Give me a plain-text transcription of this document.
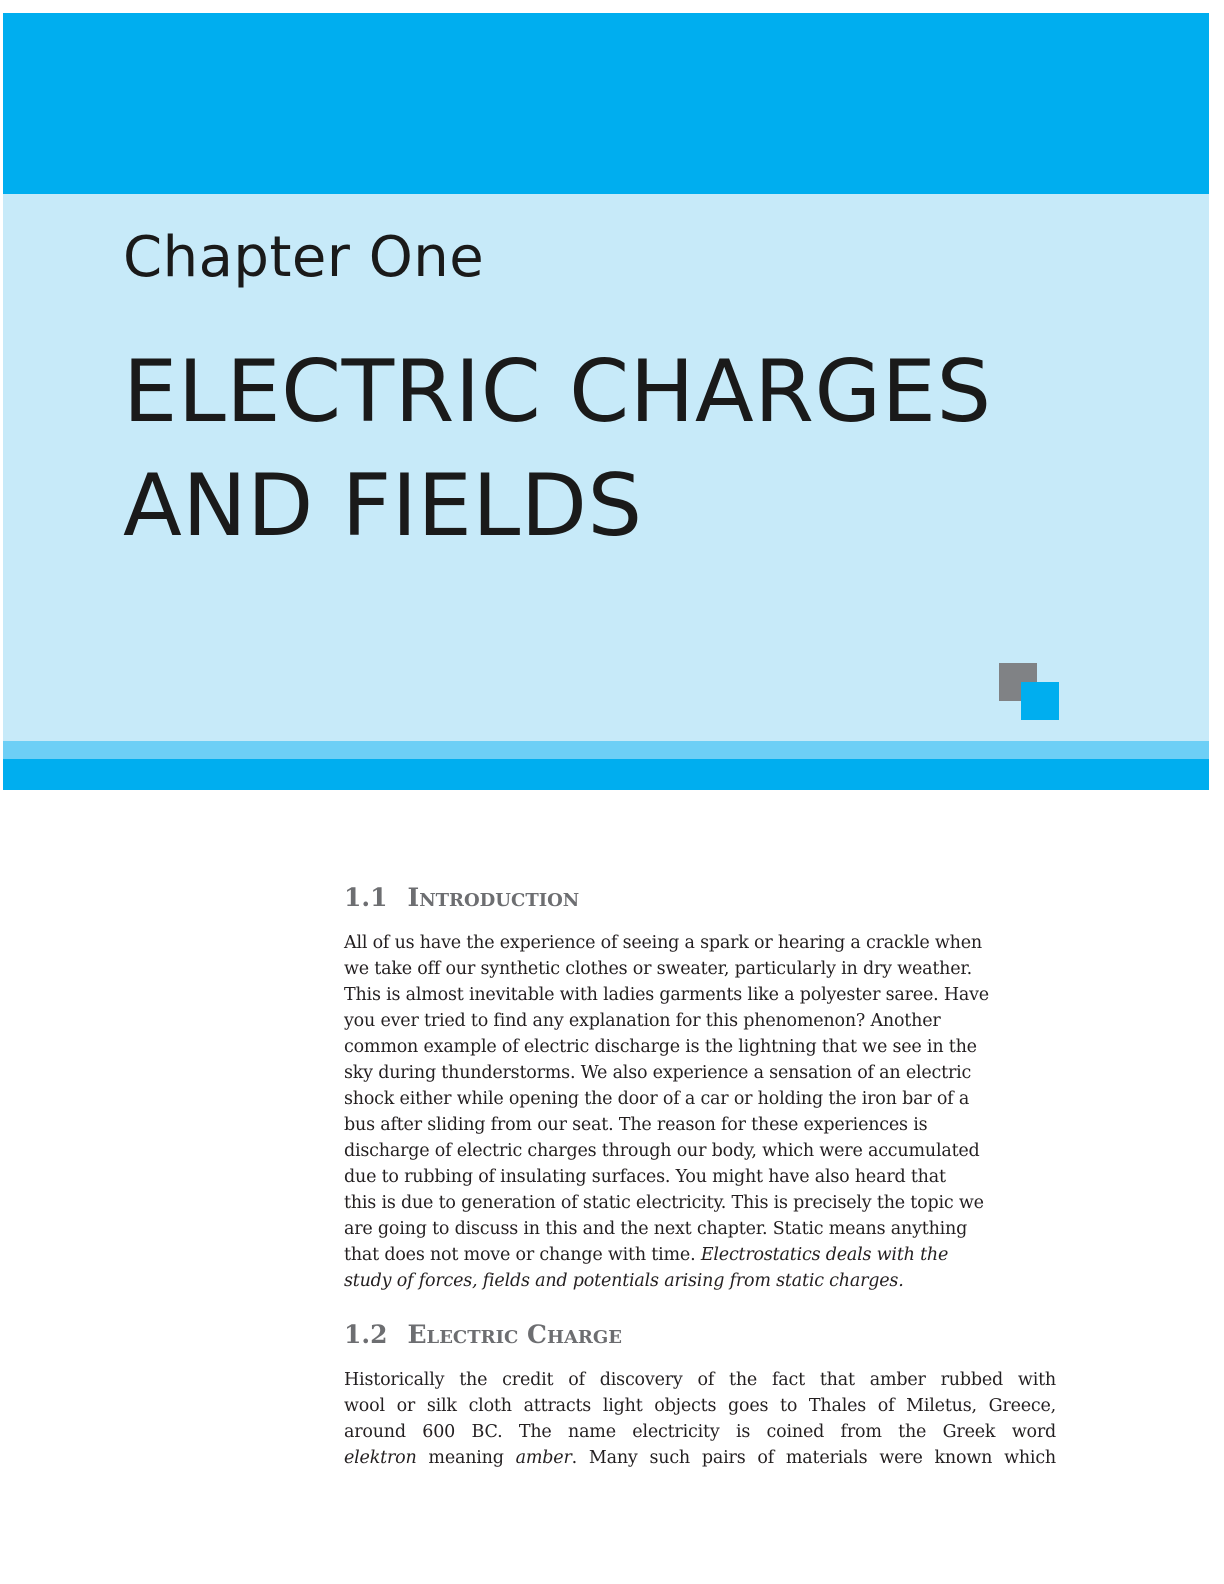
Chapter One
ELECTRIC CHARGES
AND FIELDS
1.1 Introduction

All of us have the experience of seeing a spark or hearing a crackle when
we take off our synthetic clothes or sweater, particularly in dry weather.
This is almost inevitable with ladies garments like a polyester saree. Have
you ever tried to find any explanation for this phenomenon? Another
common example of electric discharge is the lightning that we see in the
sky during thunderstorms. We also experience a sensation of an electric
shock either while opening the door of a car or holding the iron bar of a
bus after sliding from our seat. The reason for these experiences is
discharge of electric charges through our body, which were accumulated
due to rubbing of insulating surfaces. You might have also heard that
this is due to generation of static electricity. This is precisely the topic we
are going to discuss in this and the next chapter. Static means anything
that does not move or change with time. Electrostatics deals with the
study of forces, fields and potentials arising from static charges.

1.2 Electric Charge

Historically the credit of discovery of the fact that amber rubbed with
wool or silk cloth attracts light objects goes to Thales of Miletus, Greece,
around 600 BC. The name electricity is coined from the Greek word
elektron meaning amber. Many such pairs of materials were known which
